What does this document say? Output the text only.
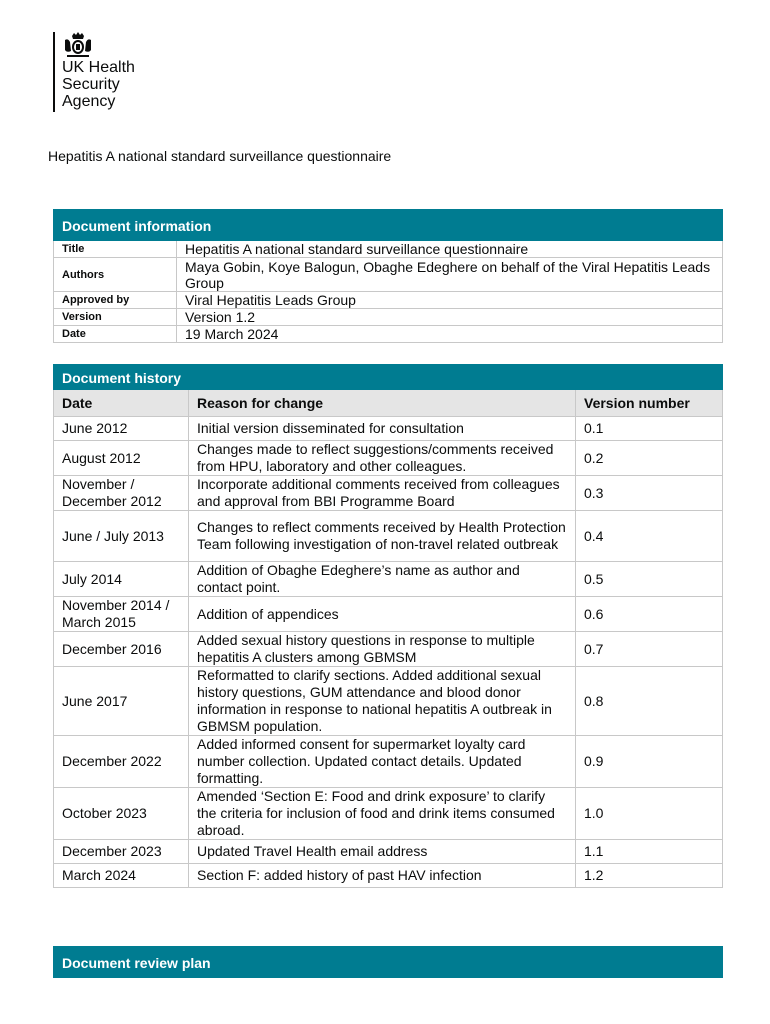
UK Health
Security
Agency
Hepatitis A national standard surveillance questionnaire
Document information	
Title	Hepatitis A national standard surveillance questionnaire
Authors	Maya Gobin, Koye Balogun, Obaghe Edeghere on behalf of the Viral Hepatitis Leads Group
Approved by	Viral Hepatitis Leads Group
Version	Version 1.2
Date	19 March 2024
Document history		
Date	Reason for change	Version number
June 2012	Initial version disseminated for consultation	0.1
August 2012	Changes made to reflect suggestions/comments received from HPU, laboratory and other colleagues.	0.2
November / December 2012	Incorporate additional comments received from colleagues and approval from BBI Programme Board	0.3
June / July 2013	Changes to reflect comments received by Health Protection Team following investigation of non-travel related outbreak	0.4
July 2014	Addition of Obaghe Edeghere’s name as author and contact point.	0.5
November 2014 / March 2015	Addition of appendices	0.6
December 2016	Added sexual history questions in response to multiple hepatitis A clusters among GBMSM	0.7
June 2017	Reformatted to clarify sections. Added additional sexual history questions, GUM attendance and blood donor information in response to national hepatitis A outbreak in GBMSM population.	0.8
December 2022	Added informed consent for supermarket loyalty card number collection. Updated contact details. Updated formatting.	0.9
October 2023	Amended ‘Section E: Food and drink exposure’ to clarify the criteria for inclusion of food and drink items consumed abroad.	1.0
December 2023	Updated Travel Health email address	1.1
March 2024	Section F: added history of past HAV infection	1.2
Document review plan
